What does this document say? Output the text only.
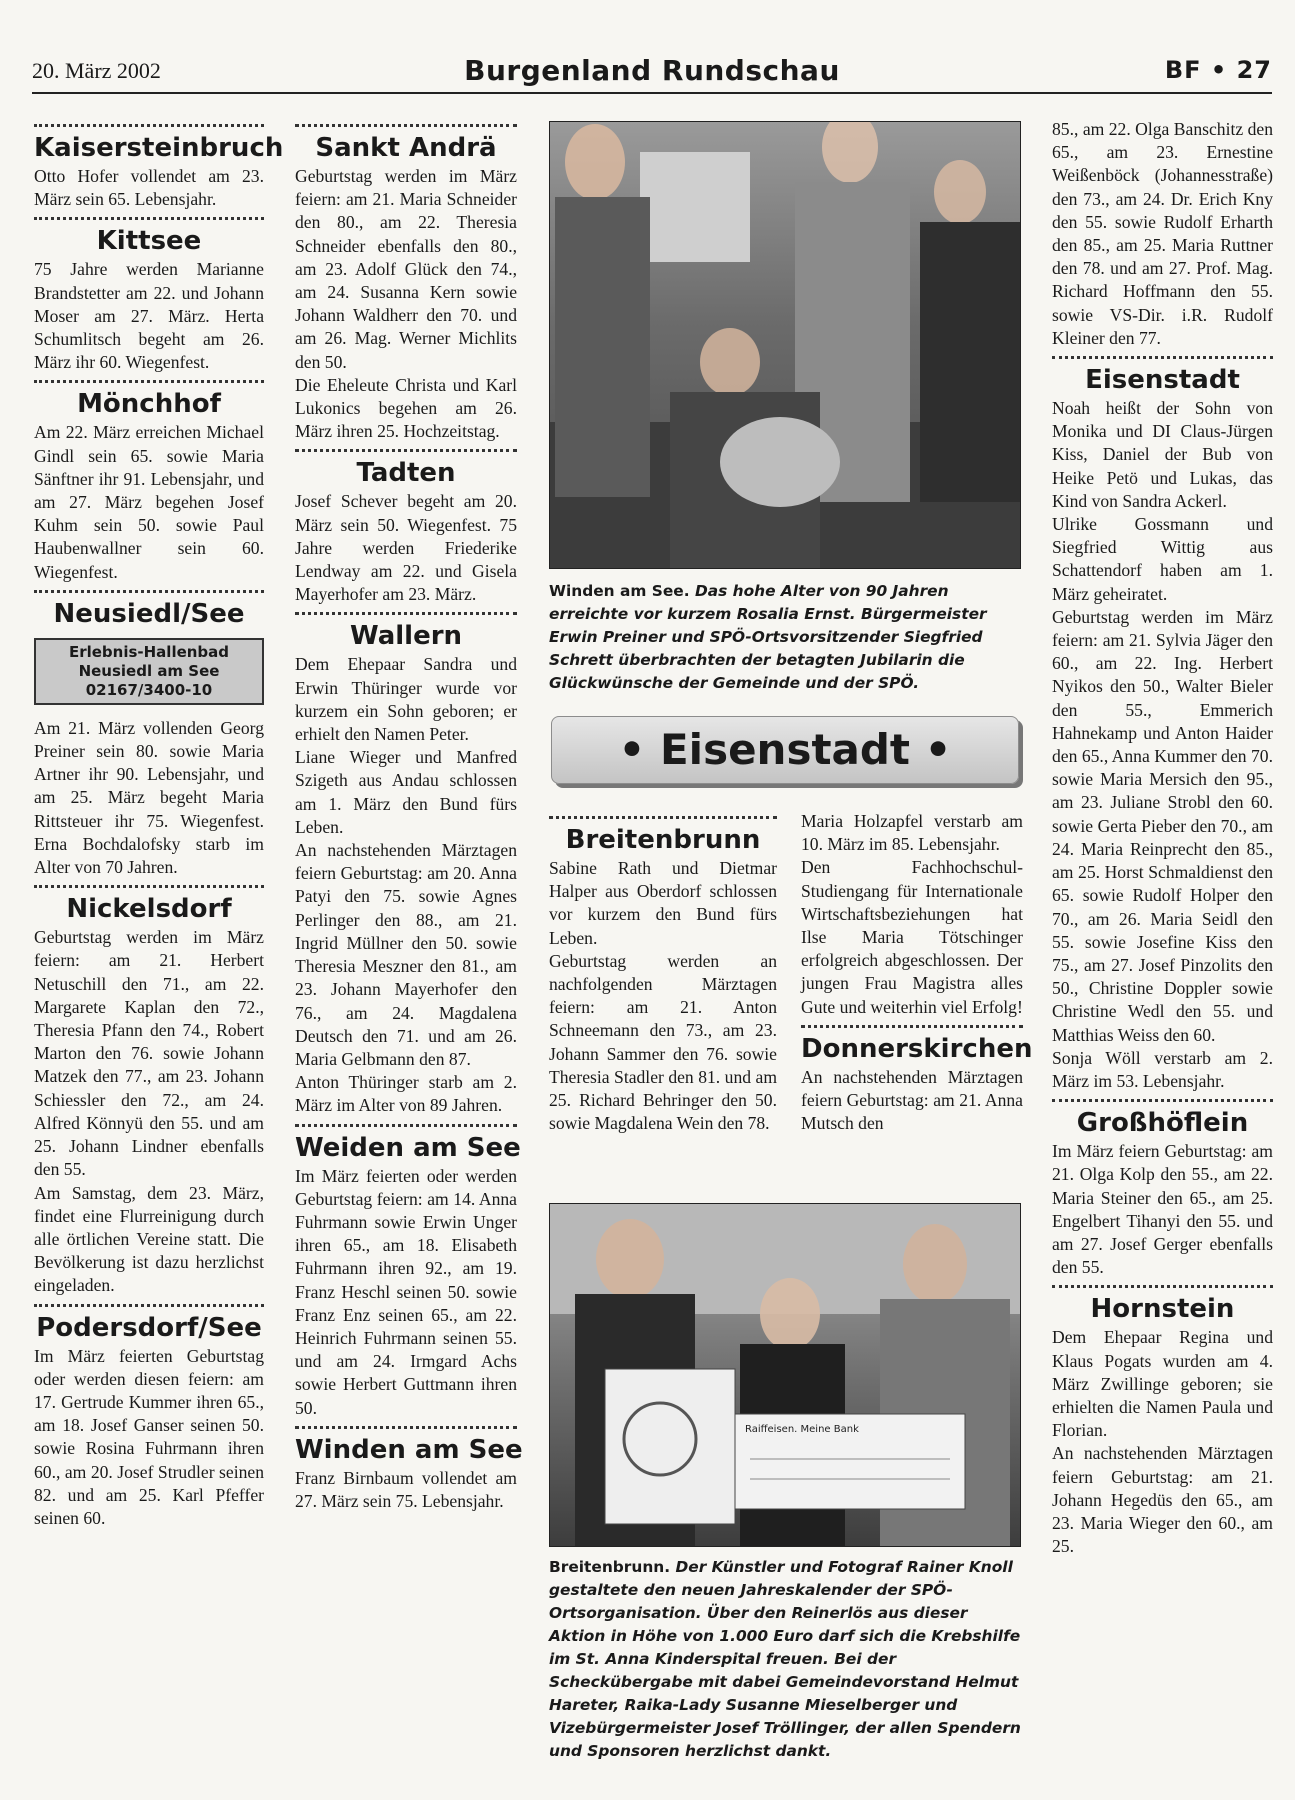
20. März 2002	Burgenland Rundschau	BF • 27
Kaisersteinbruch

Otto Hofer vollendet am 23. März sein 65. Lebensjahr.

Kittsee

75 Jahre werden Marianne Brandstetter am 22. und Johann Moser am 27. März. Herta Schumlitsch begeht am 26. März ihr 60. Wiegenfest.

Mönchhof

Am 22. März erreichen Michael Gindl sein 65. sowie Maria Sänftner ihr 91. Lebensjahr, und am 27. März begehen Josef Kuhm sein 50. sowie Paul Haubenwallner sein 60. Wiegenfest.

Neusiedl/See
Erlebnis-Hallenbad
Neusiedl am See
02167/3400-10

Am 21. März vollenden Georg Preiner sein 80. sowie Maria Artner ihr 90. Lebensjahr, und am 25. März begeht Maria Rittsteuer ihr 75. Wiegenfest. Erna Bochdalofsky starb im Alter von 70 Jahren.

Nickelsdorf

Geburtstag werden im März feiern: am 21. Herbert Netuschill den 71., am 22. Margarete Kaplan den 72., Theresia Pfann den 74., Robert Marton den 76. sowie Johann Matzek den 77., am 23. Johann Schiessler den 72., am 24. Alfred Könnyü den 55. und am 25. Johann Lindner ebenfalls den 55.

Am Samstag, dem 23. März, findet eine Flurreinigung durch alle örtlichen Vereine statt. Die Bevölkerung ist dazu herzlichst eingeladen.

Podersdorf/See

Im März feierten Geburtstag oder werden diesen feiern: am 17. Gertrude Kummer ihren 65., am 18. Josef Ganser seinen 50. sowie Rosina Fuhrmann ihren 60., am 20. Josef Strudler seinen 82. und am 25. Karl Pfeffer seinen 60.

Sankt Andrä

Geburtstag werden im März feiern: am 21. Maria Schneider den 80., am 22. Theresia Schneider ebenfalls den 80., am 23. Adolf Glück den 74., am 24. Susanna Kern sowie Johann Waldherr den 70. und am 26. Mag. Werner Michlits den 50.

Die Eheleute Christa und Karl Lukonics begehen am 26. März ihren 25. Hochzeitstag.

Tadten

Josef Schever begeht am 20. März sein 50. Wiegenfest. 75 Jahre werden Friederike Lendway am 22. und Gisela Mayerhofer am 23. März.

Wallern

Dem Ehepaar Sandra und Erwin Thüringer wurde vor kurzem ein Sohn geboren; er erhielt den Namen Peter.

Liane Wieger und Manfred Szigeth aus Andau schlossen am 1. März den Bund fürs Leben.

An nachstehenden Märztagen feiern Geburtstag: am 20. Anna Patyi den 75. sowie Agnes Perlinger den 88., am 21. Ingrid Müllner den 50. sowie Theresia Meszner den 81., am 23. Johann Mayerhofer den 76., am 24. Magdalena Deutsch den 71. und am 26. Maria Gelbmann den 87.

Anton Thüringer starb am 2. März im Alter von 89 Jahren.

Weiden am See

Im März feierten oder werden Geburtstag feiern: am 14. Anna Fuhrmann sowie Erwin Unger ihren 65., am 18. Elisabeth Fuhrmann ihren 92., am 19. Franz Heschl seinen 50. sowie Franz Enz seinen 65., am 22. Heinrich Fuhrmann seinen 55. und am 24. Irmgard Achs sowie Herbert Guttmann ihren 50.

Winden am See

Franz Birnbaum vollendet am 27. März sein 75. Lebensjahr.

Winden am See. Das hohe Alter von 90 Jahren erreichte vor kurzem Rosalia Ernst. Bürgermeister Erwin Preiner und SPÖ-Ortsvorsitzender Siegfried Schrett überbrachten der betagten Jubilarin die Glückwünsche der Gemeinde und der SPÖ.
• Eisenstadt •
Breitenbrunn

Sabine Rath und Dietmar Halper aus Oberdorf schlossen vor kurzem den Bund fürs Leben.

Geburtstag werden an nachfolgenden Märztagen feiern: am 21. Anton Schneemann den 73., am 23. Johann Sammer den 76. sowie Theresia Stadler den 81. und am 25. Richard Behringer den 50. sowie Magdalena Wein den 78.

Maria Holzapfel verstarb am 10. März im 85. Lebensjahr.

Den Fachhochschul-Studiengang für Internationale Wirtschaftsbeziehungen hat Ilse Maria Tötschinger erfolgreich abgeschlossen. Der jungen Frau Magistra alles Gute und weiterhin viel Erfolg!

Donnerskirchen

An nachstehenden Märztagen feiern Geburtstag: am 21. Anna Mutsch den

Raiffeisen. Meine Bank
Breitenbrunn. Der Künstler und Fotograf Rainer Knoll gestaltete den neuen Jahreskalender der SPÖ-Ortsorganisation. Über den Reinerlös aus dieser Aktion in Höhe von 1.000 Euro darf sich die Krebshilfe im St. Anna Kinderspital freuen. Bei der Scheckübergabe mit dabei Gemeindevorstand Helmut Hareter, Raika-Lady Susanne Mieselberger und Vizebürgermeister Josef Tröllinger, der allen Spendern und Sponsoren herzlichst dankt.

85., am 22. Olga Banschitz den 65., am 23. Ernestine Weißenböck (Johannesstraße) den 73., am 24. Dr. Erich Kny den 55. sowie Rudolf Erharth den 85., am 25. Maria Ruttner den 78. und am 27. Prof. Mag. Richard Hoffmann den 55. sowie VS-Dir. i.R. Rudolf Kleiner den 77.

Eisenstadt

Noah heißt der Sohn von Monika und DI Claus-Jürgen Kiss, Daniel der Bub von Heike Petö und Lukas, das Kind von Sandra Ackerl.

Ulrike Gossmann und Siegfried Wittig aus Schattendorf haben am 1. März geheiratet.

Geburtstag werden im März feiern: am 21. Sylvia Jäger den 60., am 22. Ing. Herbert Nyikos den 50., Walter Bieler den 55., Emmerich Hahnekamp und Anton Haider den 65., Anna Kummer den 70. sowie Maria Mersich den 95., am 23. Juliane Strobl den 60. sowie Gerta Pieber den 70., am 24. Maria Reinprecht den 85., am 25. Horst Schmaldienst den 65. sowie Rudolf Holper den 70., am 26. Maria Seidl den 55. sowie Josefine Kiss den 75., am 27. Josef Pinzolits den 50., Christine Doppler sowie Christine Wedl den 55. und Matthias Weiss den 60.

Sonja Wöll verstarb am 2. März im 53. Lebensjahr.

Großhöflein

Im März feiern Geburtstag: am 21. Olga Kolp den 55., am 22. Maria Steiner den 65., am 25. Engelbert Tihanyi den 55. und am 27. Josef Gerger ebenfalls den 55.

Hornstein

Dem Ehepaar Regina und Klaus Pogats wurden am 4. März Zwillinge geboren; sie erhielten die Namen Paula und Florian.

An nachstehenden Märztagen feiern Geburtstag: am 21. Johann Hegedüs den 65., am 23. Maria Wieger den 60., am 25.
